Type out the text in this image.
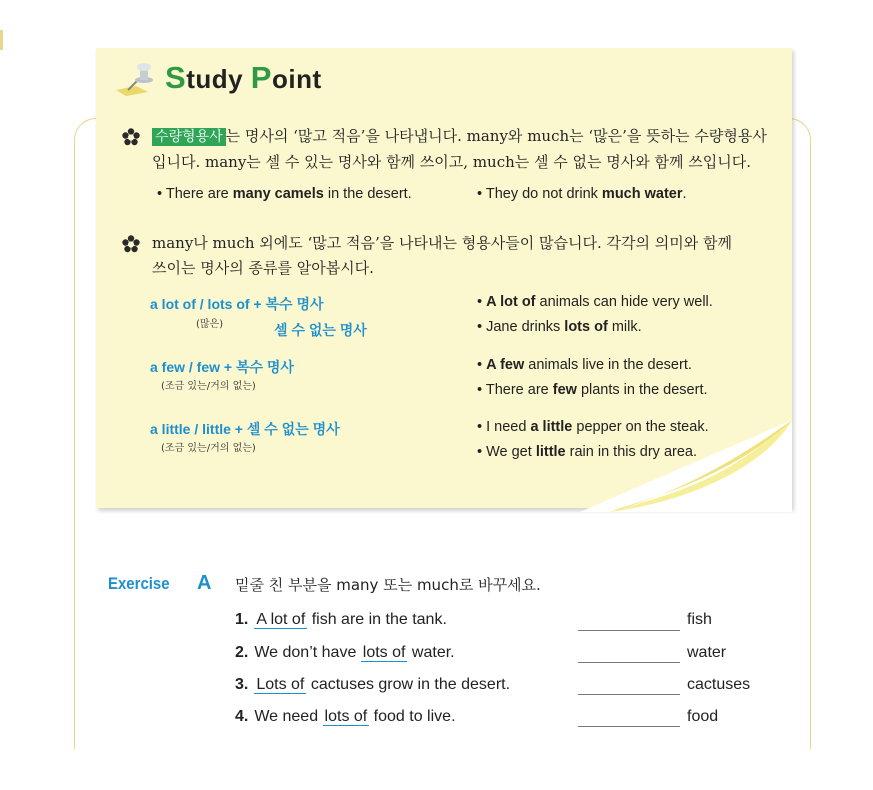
Study Point
수량형용사 는 명사의 ‘많고 적음’을 나타냅니다. many와 much는 ‘많은’을 뜻하는 수량형용사
입니다. many는 셀 수 있는 명사와 함께 쓰이고, much는 셀 수 없는 명사와 함께 쓰입니다.
• There are many camels in the desert.	• They do not drink much water.
many나 much 외에도 ‘많고 적음’을 나타내는 형용사들이 많습니다. 각각의 의미와 함께
쓰이는 명사의 종류를 알아봅시다.
a lot of / lots of + 복수 명사
(많은)	셀 수 없는 명사
• A lot of animals can hide very well.
• Jane drinks lots of milk.
a few / few + 복수 명사
(조금 있는/거의 없는)
• A few animals live in the desert.
• There are few plants in the desert.
a little / little + 셀 수 없는 명사
(조금 있는/거의 없는)
• I need a little pepper on the steak.
• We get little rain in this dry area.
Exercise A 밑줄 친 부분을 many 또는 much로 바꾸세요.
1. A lot of fish are in the tank.	fish
2. We don’t have lots of water.	water
3. Lots of cactuses grow in the desert.	cactuses
4. We need lots of food to live.	food
